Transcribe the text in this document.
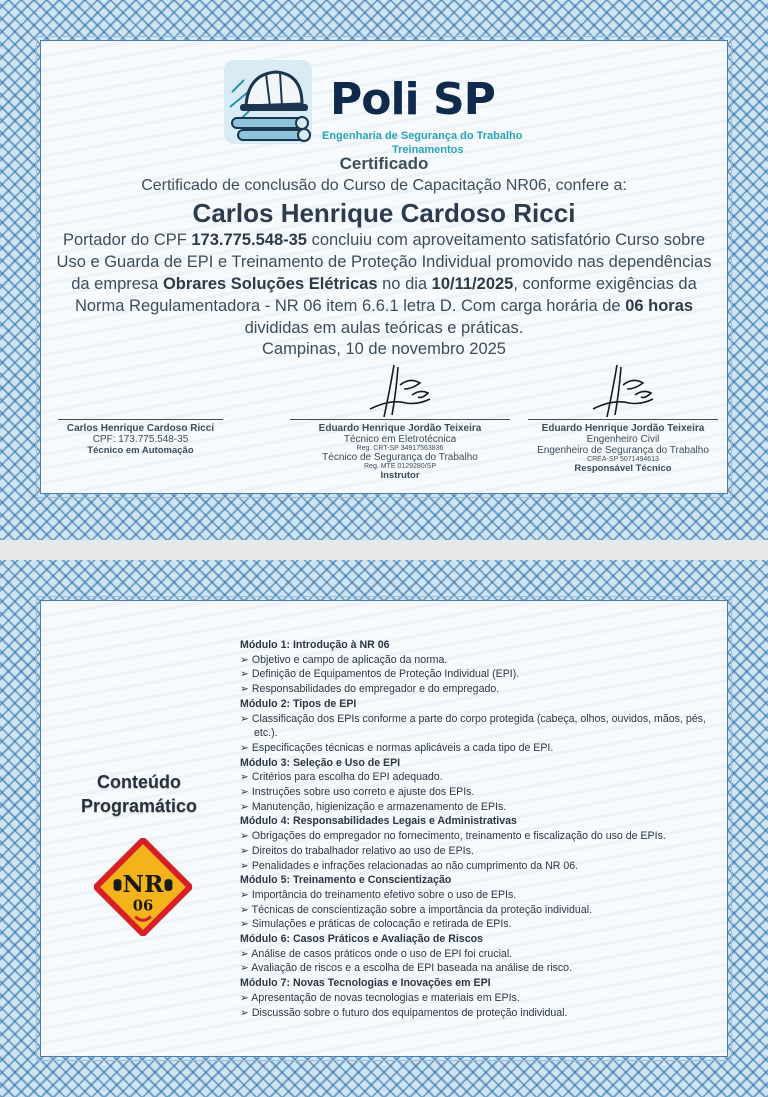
Poli SP
Engenharia de Segurança do Trabalho
Treinamentos
Certificado
Certificado de conclusão do Curso de Capacitação NR06, confere a:
Carlos Henrique Cardoso Ricci
Portador do CPF 173.775.548-35 concluiu com aproveitamento satisfatório Curso sobre Uso e Guarda de EPI e Treinamento de Proteção Individual promovido nas dependências da empresa Obrares Soluções Elétricas no dia 10/11/2025, conforme exigências da Norma Regulamentadora - NR 06 item 6.6.1 letra D. Com carga horária de 06 horas divididas em aulas teóricas e práticas.
Campinas, 10 de novembro 2025
Carlos Henrique Cardoso Ricci
CPF: 173.775.548-35
Técnico em Automação
Eduardo Henrique Jordão Teixeira
Técnico em Eletrotécnica
Reg. CRT-SP 34917563836
Técnico de Segurança do Trabalho
Reg. MTE 0129280/SP
Instrutor
Eduardo Henrique Jordão Teixeira
Engenheiro Civil
Engenheiro de Segurança do Trabalho
CREA-SP 5071494613
Responsável Técnico
Conteúdo
Programático
NR
06
Módulo 1: Introdução à NR 06
➢ Objetivo e campo de aplicação da norma.
➢ Definição de Equipamentos de Proteção Individual (EPI).
➢ Responsabilidades do empregador e do empregado.
Módulo 2: Tipos de EPI
➢ Classificação dos EPIs conforme a parte do corpo protegida (cabeça, olhos, ouvidos, mãos, pés, etc.).
➢ Especificações técnicas e normas aplicáveis a cada tipo de EPI.
Módulo 3: Seleção e Uso de EPI
➢ Critérios para escolha do EPI adequado.
➢ Instruções sobre uso correto e ajuste dos EPIs.
➢ Manutenção, higienização e armazenamento de EPIs.
Módulo 4: Responsabilidades Legais e Administrativas
➢ Obrigações do empregador no fornecimento, treinamento e fiscalização do uso de EPIs.
➢ Direitos do trabalhador relativo ao uso de EPIs.
➢ Penalidades e infrações relacionadas ao não cumprimento da NR 06.
Módulo 5: Treinamento e Conscientização
➢ Importância do treinamento efetivo sobre o uso de EPIs.
➢ Técnicas de conscientização sobre a importância da proteção individual.
➢ Simulações e práticas de colocação e retirada de EPIs.
Módulo 6: Casos Práticos e Avaliação de Riscos
➢ Análise de casos práticos onde o uso de EPI foi crucial.
➢ Avaliação de riscos e a escolha de EPI baseada na análise de risco.
Módulo 7: Novas Tecnologias e Inovações em EPI
➢ Apresentação de novas tecnologias e materiais em EPIs.
➢ Discussão sobre o futuro dos equipamentos de proteção individual.
